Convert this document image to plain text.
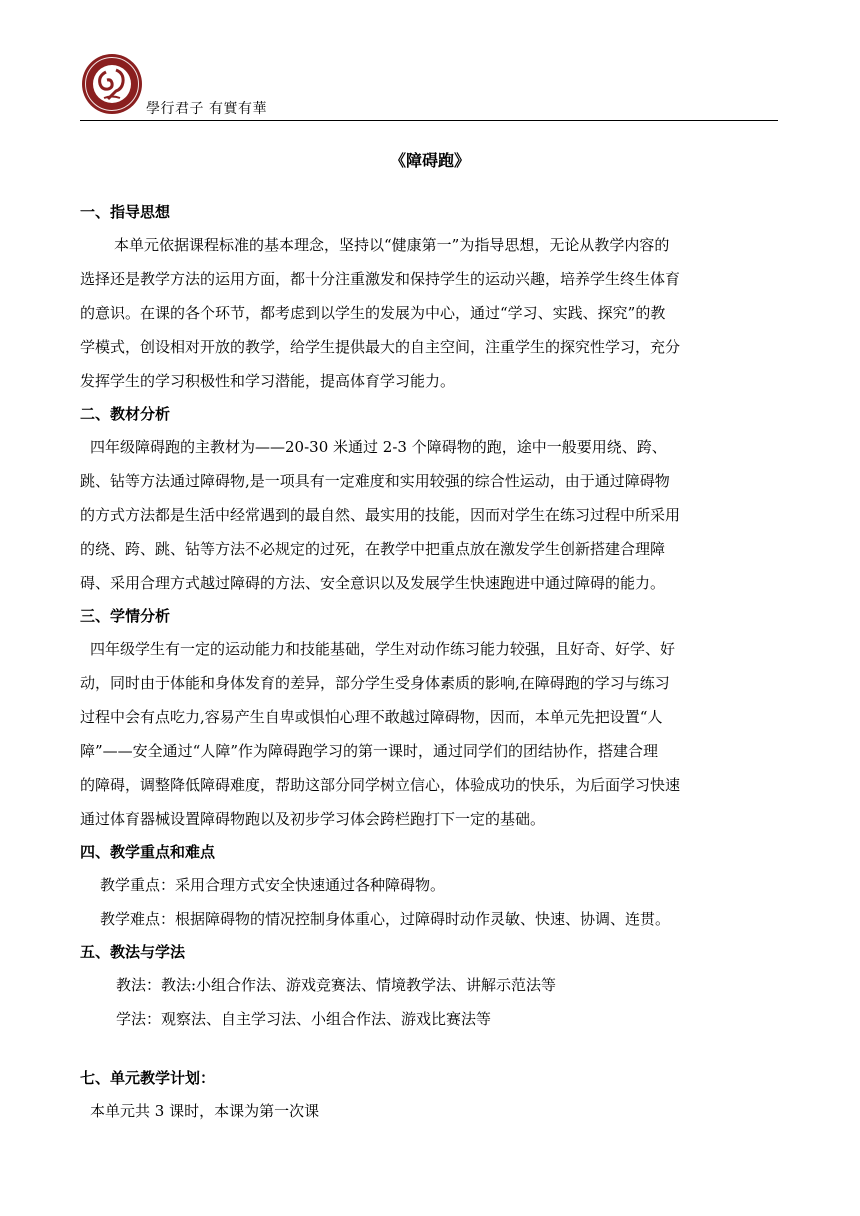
學行君子 有實有華
《障碍跑》

一、指导思想

本单元依据课程标准的基本理念，坚持以“健康第一”为指导思想，无论从教学内容的
选择还是教学方法的运用方面，都十分注重激发和保持学生的运动兴趣，培养学生终生体育
的意识。在课的各个环节，都考虑到以学生的发展为中心，通过“学习、实践、探究”的教
学模式，创设相对开放的教学，给学生提供最大的自主空间，注重学生的探究性学习，充分
发挥学生的学习积极性和学习潜能，提高体育学习能力。

二、教材分析

四年级障碍跑的主教材为——20-30 米通过 2-3 个障碍物的跑，途中一般要用绕、跨、
跳、钻等方法通过障碍物,是一项具有一定难度和实用较强的综合性运动，由于通过障碍物
的方式方法都是生活中经常遇到的最自然、最实用的技能，因而对学生在练习过程中所采用
的绕、跨、跳、钻等方法不必规定的过死，在教学中把重点放在激发学生创新搭建合理障
碍、采用合理方式越过障碍的方法、安全意识以及发展学生快速跑进中通过障碍的能力。

三、学情分析

四年级学生有一定的运动能力和技能基础，学生对动作练习能力较强，且好奇、好学、好
动，同时由于体能和身体发育的差异，部分学生受身体素质的影响,在障碍跑的学习与练习
过程中会有点吃力,容易产生自卑或惧怕心理不敢越过障碍物，因而，本单元先把设置“人
障”——安全通过“人障”作为障碍跑学习的第一课时，通过同学们的团结协作，搭建合理
的障碍，调整降低障碍难度，帮助这部分同学树立信心，体验成功的快乐，为后面学习快速
通过体育器械设置障碍物跑以及初步学习体会跨栏跑打下一定的基础。

四、教学重点和难点

教学重点：采用合理方式安全快速通过各种障碍物。
教学难点：根据障碍物的情况控制身体重心，过障碍时动作灵敏、快速、协调、连贯。

五、教法与学法

教法：教法:小组合作法、游戏竞赛法、情境教学法、讲解示范法等
学法：观察法、自主学习法、小组合作法、游戏比赛法等

七、单元教学计划：

本单元共 3 课时，本课为第一次课
